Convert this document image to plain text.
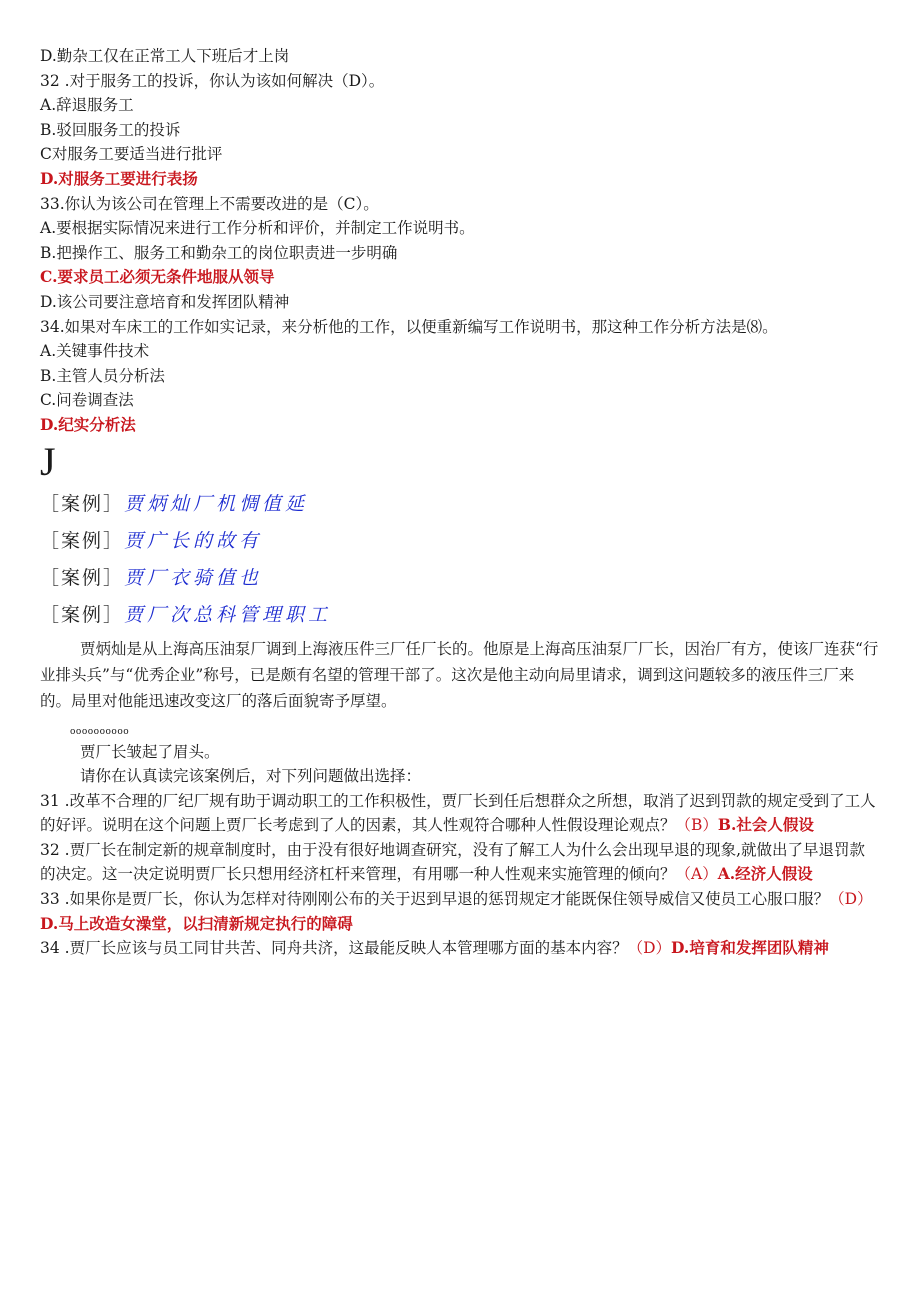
D.勤杂工仅在正常工人下班后才上岗
32 .对于服务工的投诉，你认为该如何解决（D）。
A.辞退服务工
B.驳回服务工的投诉
C对服务工要适当进行批评
D.对服务工要进行表扬
33.你认为该公司在管理上不需要改进的是（C）。
A.要根据实际情况来进行工作分析和评价，并制定工作说明书。
B.把操作工、服务工和勤杂工的岗位职责进一步明确
C.要求员工必须无条件地服从领导
D.该公司要注意培育和发挥团队精神
34.如果对车床工的工作如实记录，来分析他的工作，以便重新编写工作说明书，那这种工作分析方法是⑻。
A.关键事件技术
B.主管人员分析法
C.问卷调查法
D.纪实分析法
J
［案例］贾炳灿厂机惆值延
［案例］贾广长的故有
［案例］贾厂衣骑值也
［案例］贾厂次总科管理职工

贾炳灿是从上海高压油泵厂调到上海液压件三厂任厂长的。他原是上海高压油泵厂厂长，因治厂有方，使该厂连获“行业排头兵”与“优秀企业”称号，已是颇有名望的管理干部了。这次是他主动向局里请求，调到这问题较多的液压件三厂来的。局里对他能迅速改变这厂的落后面貌寄予厚望。

oooooooooo
贾厂长皱起了眉头。
请你在认真读完该案例后，对下列问题做出选择：
31 .改革不合理的厂纪厂规有助于调动职工的工作积极性，贾厂长到任后想群众之所想，取消了迟到罚款的规定受到了工人的好评。说明在这个问题上贾厂长考虑到了人的因素，其人性观符合哪种人性假设理论观点？（B）B.社会人假设
32 .贾厂长在制定新的规章制度时，由于没有很好地调查研究，没有了解工人为什么会出现早退的现象,就做出了早退罚款的决定。这一决定说明贾厂长只想用经济杠杆来管理，有用哪一种人性观来实施管理的倾向？（A）A.经济人假设
33 .如果你是贾厂长，你认为怎样对待刚刚公布的关于迟到早退的惩罚规定才能既保住领导威信又使员工心服口服？（D）D.马上改造女澡堂，以扫清新规定执行的障碍
34 .贾厂长应该与员工同甘共苦、同舟共济，这最能反映人本管理哪方面的基本内容？（D）D.培育和发挥团队精神
